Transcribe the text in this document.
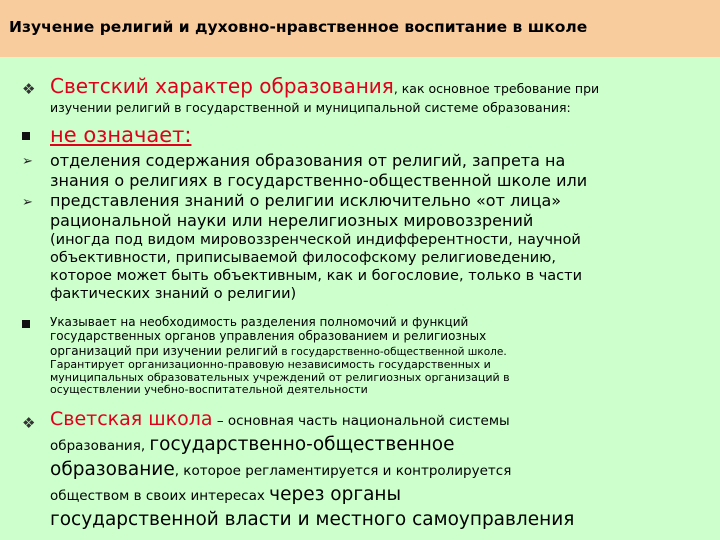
Изучение религий и духовно-нравственное воспитание в школе
❖ Светский характер образования, как основное требование при
изучении религий в государственной и муниципальной системе образования:
не означает:
➢ отделения содержания образования от религий, запрета на
знания о религиях в государственно-общественной школе или
➢ представления знаний о религии исключительно «от лица»
рациональной науки или нерелигиозных мировоззрений
(иногда под видом мировоззренческой индифферентности, научной
объективности, приписываемой философскому религиоведению,
которое может быть объективным, как и богословие, только в части
фактических знаний о религии)
Указывает на необходимость разделения полномочий и функций
государственных органов управления образованием и религиозных
организаций при изучении религий в государственно-общественной школе.
Гарантирует организационно-правовую независимость государственных и
муниципальных образовательных учреждений от религиозных организаций в
осуществлении учебно-воспитательной деятельности
❖ Светская школа – основная часть национальной системы
образования, государственно-общественное
образование, которое регламентируется и контролируется
обществом в своих интересах через органы
государственной власти и местного самоуправления
